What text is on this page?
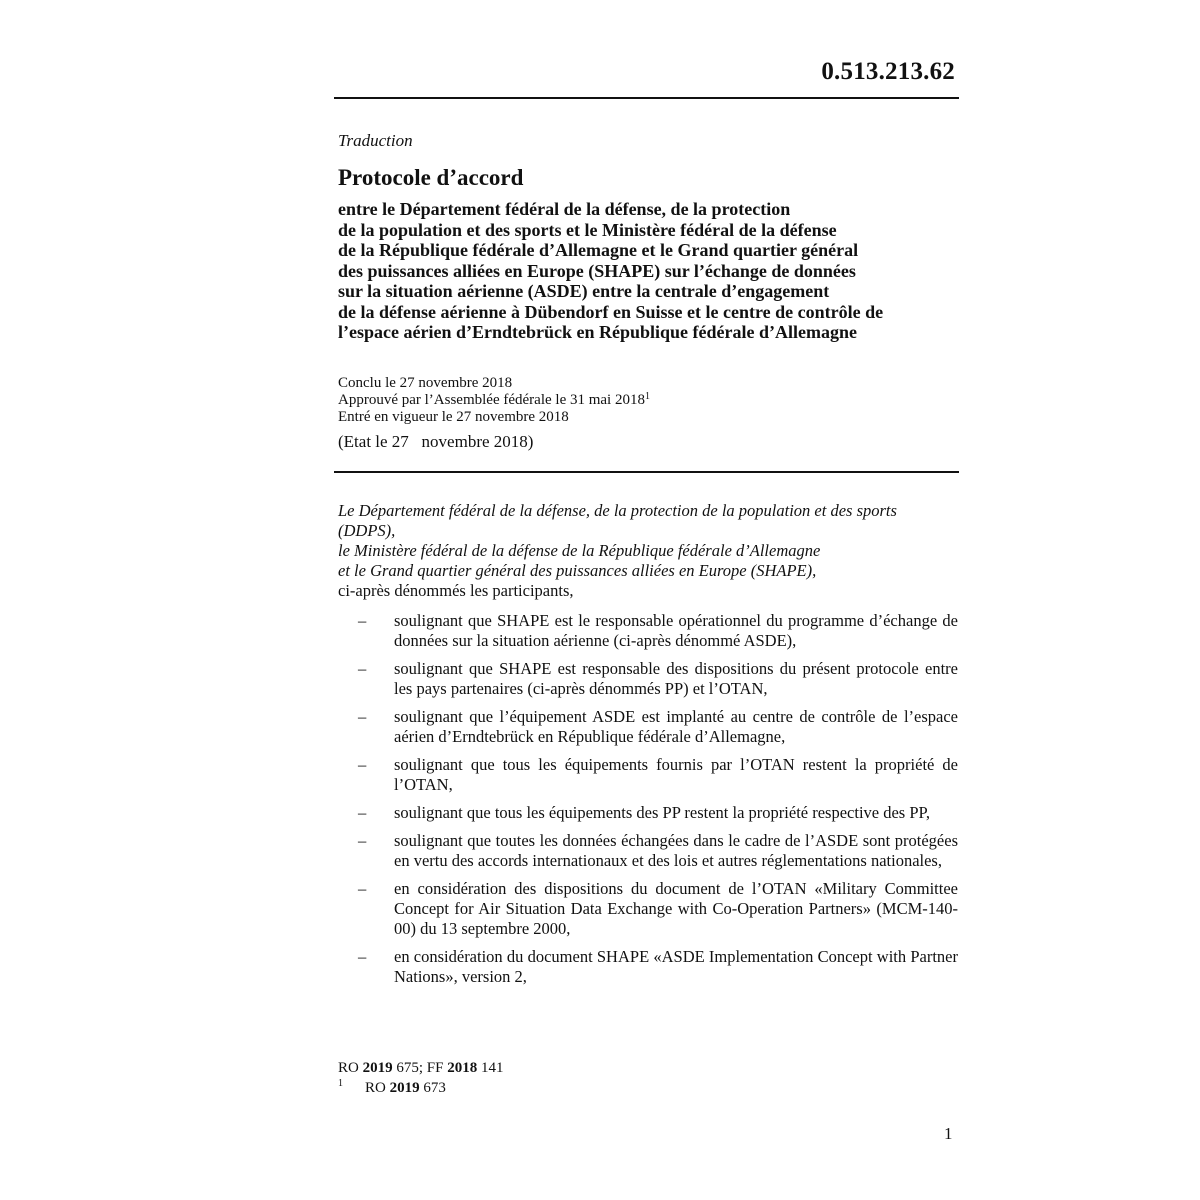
0.513.213.62
Traduction
Protocole d’accord
entre le Département fédéral de la défense, de la protection
de la population et des sports et le Ministère fédéral de la défense
de la République fédérale d’Allemagne et le Grand quartier général
des puissances alliées en Europe (SHAPE) sur l’échange de données
sur la situation aérienne (ASDE) entre la centrale d’engagement
de la défense aérienne à Dübendorf en Suisse et le centre de contrôle de
l’espace aérien d’Erndtebrück en République fédérale d’Allemagne
Conclu le 27 novembre 2018
Approuvé par l’Assemblée fédérale le 31 mai 2018$^1$
Entré en vigueur le 27 novembre 2018
(Etat le 27   novembre 2018)
Le Département fédéral de la défense, de la protection de la population et des sports (DDPS),
le Ministère fédéral de la défense de la République fédérale d’Allemagne
et le Grand quartier général des puissances alliées en Europe (SHAPE),
ci-après dénommés les participants,
– soulignant que SHAPE est le responsable opérationnel du programme d’échange de données sur la situation aérienne (ci-après dénommé ASDE),
– soulignant que SHAPE est responsable des dispositions du présent protocole entre les pays partenaires (ci-après dénommés PP) et l’OTAN,
– soulignant que l’équipement ASDE est implanté au centre de contrôle de l’espace aérien d’Erndtebrück en République fédérale d’Allemagne,
– soulignant que tous les équipements fournis par l’OTAN restent la propriété de l’OTAN,
– soulignant que tous les équipements des PP restent la propriété respective des PP,
– soulignant que toutes les données échangées dans le cadre de l’ASDE sont protégées en vertu des accords internationaux et des lois et autres réglementations nationales,
– en considération des dispositions du document de l’OTAN «Military Committee Concept for Air Situation Data Exchange with Co-Operation Partners» (MCM-140-00) du 13 septembre 2000,
– en considération du document SHAPE «ASDE Implementation Concept with Partner Nations», version 2,
RO 2019 675; FF 2018 141
$^1$ RO 2019 673
1
